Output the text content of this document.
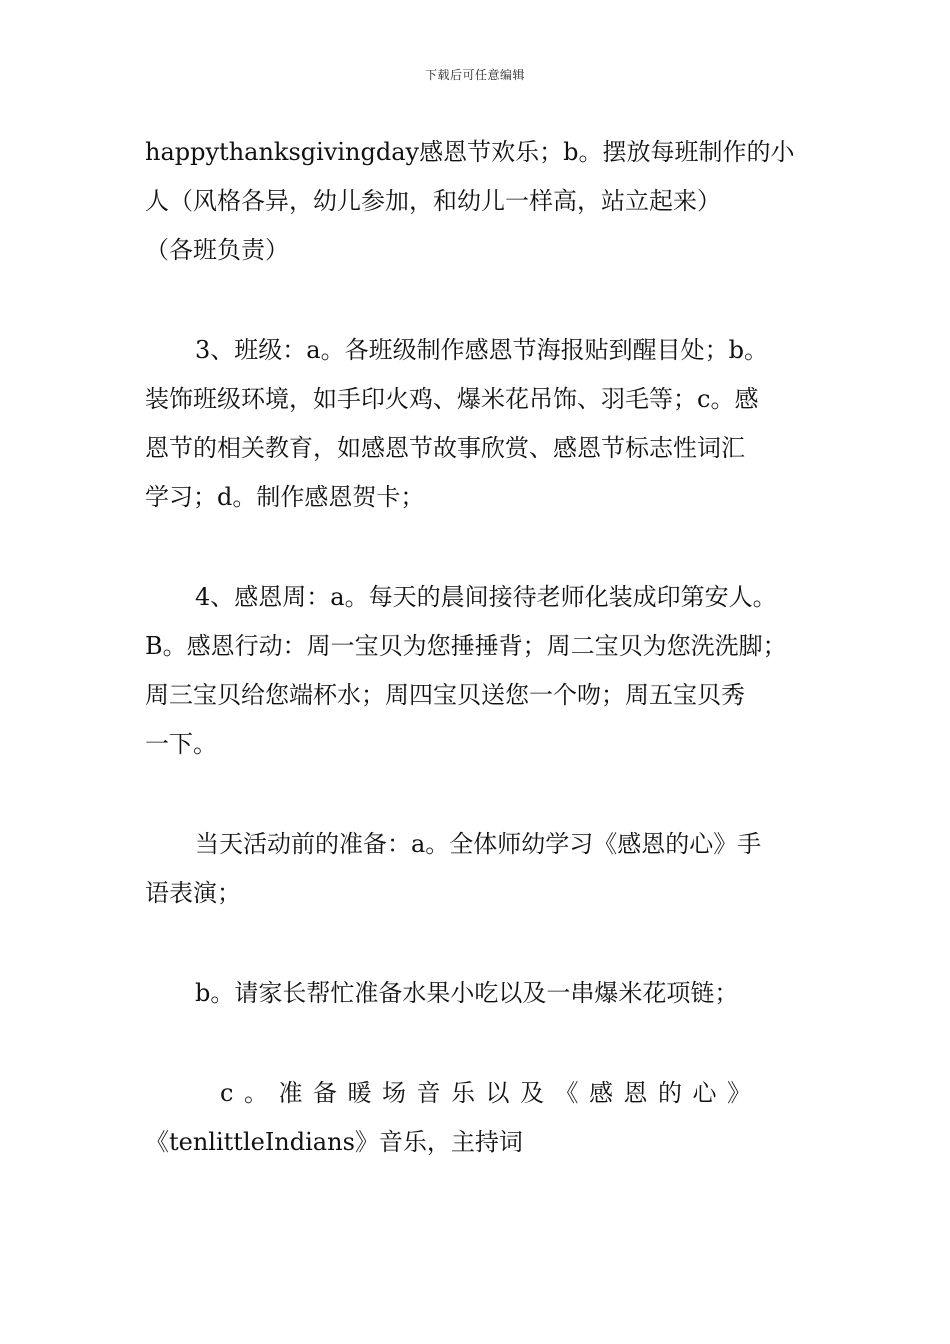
下载后可任意编辑

happythanksgivingday感恩节欢乐；b。摆放每班制作的小
人（风格各异，幼儿参加，和幼儿一样高，站立起来）
（各班负责）

3、班级：a。各班级制作感恩节海报贴到醒目处；b。
装饰班级环境，如手印火鸡、爆米花吊饰、羽毛等；c。感
恩节的相关教育，如感恩节故事欣赏、感恩节标志性词汇
学习；d。制作感恩贺卡；

4、感恩周：a。每天的晨间接待老师化装成印第安人。
B。感恩行动：周一宝贝为您捶捶背；周二宝贝为您洗洗脚；
周三宝贝给您端杯水；周四宝贝送您一个吻；周五宝贝秀
一下。

当天活动前的准备：a。全体师幼学习《感恩的心》手
语表演；

b。请家长帮忙准备水果小吃以及一串爆米花项链；

c。准备暖场音乐以及《感恩的心》
《tenlittleIndians》音乐，主持词
